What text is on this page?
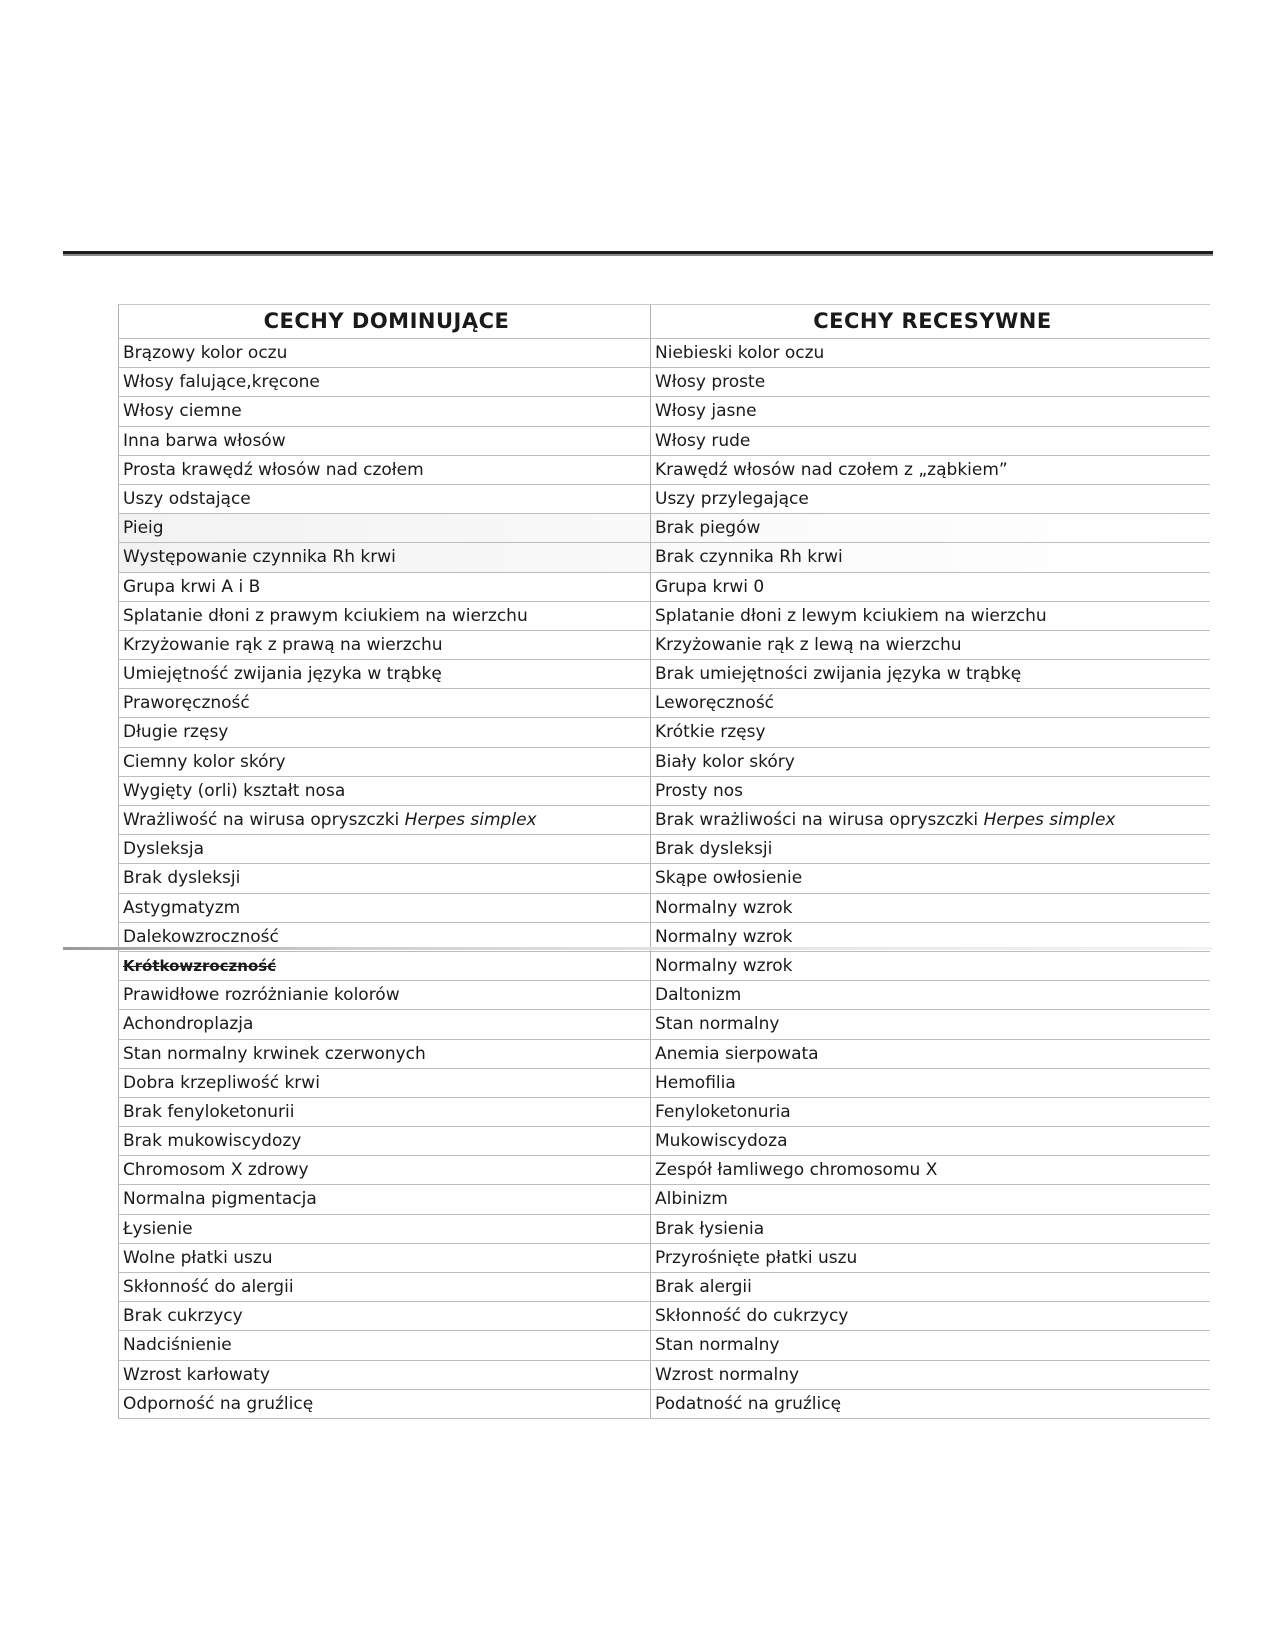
CECHY DOMINUJĄCE	CECHY RECESYWNE
Brązowy kolor oczu	Niebieski kolor oczu
Włosy falujące,kręcone	Włosy proste
Włosy ciemne	Włosy jasne
Inna barwa włosów	Włosy rude
Prosta krawędź włosów nad czołem	Krawędź włosów nad czołem z „ząbkiem”
Uszy odstające	Uszy przylegające
Pieig	Brak piegów
Występowanie czynnika Rh krwi	Brak czynnika Rh krwi
Grupa krwi A i B	Grupa krwi 0
Splatanie dłoni z prawym kciukiem na wierzchu	Splatanie dłoni z lewym kciukiem na wierzchu
Krzyżowanie rąk z prawą na wierzchu	Krzyżowanie rąk z lewą na wierzchu
Umiejętność zwijania języka w trąbkę	Brak umiejętności zwijania języka w trąbkę
Praworęczność	Leworęczność
Długie rzęsy	Krótkie rzęsy
Ciemny kolor skóry	Biały kolor skóry
Wygięty (orli) kształt nosa	Prosty nos
Wrażliwość na wirusa opryszczki Herpes simplex	Brak wrażliwości na wirusa opryszczki Herpes simplex
Dysleksja	Brak dysleksji
Brak dysleksji	Skąpe owłosienie
Astygmatyzm	Normalny wzrok
Dalekowzroczność	Normalny wzrok
Krótkowzroczność	Normalny wzrok
Prawidłowe rozróżnianie kolorów	Daltonizm
Achondroplazja	Stan normalny
Stan normalny krwinek czerwonych	Anemia sierpowata
Dobra krzepliwość krwi	Hemofilia
Brak fenyloketonurii	Fenyloketonuria
Brak mukowiscydozy	Mukowiscydoza
Chromosom X zdrowy	Zespół łamliwego chromosomu X
Normalna pigmentacja	Albinizm
Łysienie	Brak łysienia
Wolne płatki uszu	Przyrośnięte płatki uszu
Skłonność do alergii	Brak alergii
Brak cukrzycy	Skłonność do cukrzycy
Nadciśnienie	Stan normalny
Wzrost karłowaty	Wzrost normalny
Odporność na gruźlicę	Podatność na gruźlicę
